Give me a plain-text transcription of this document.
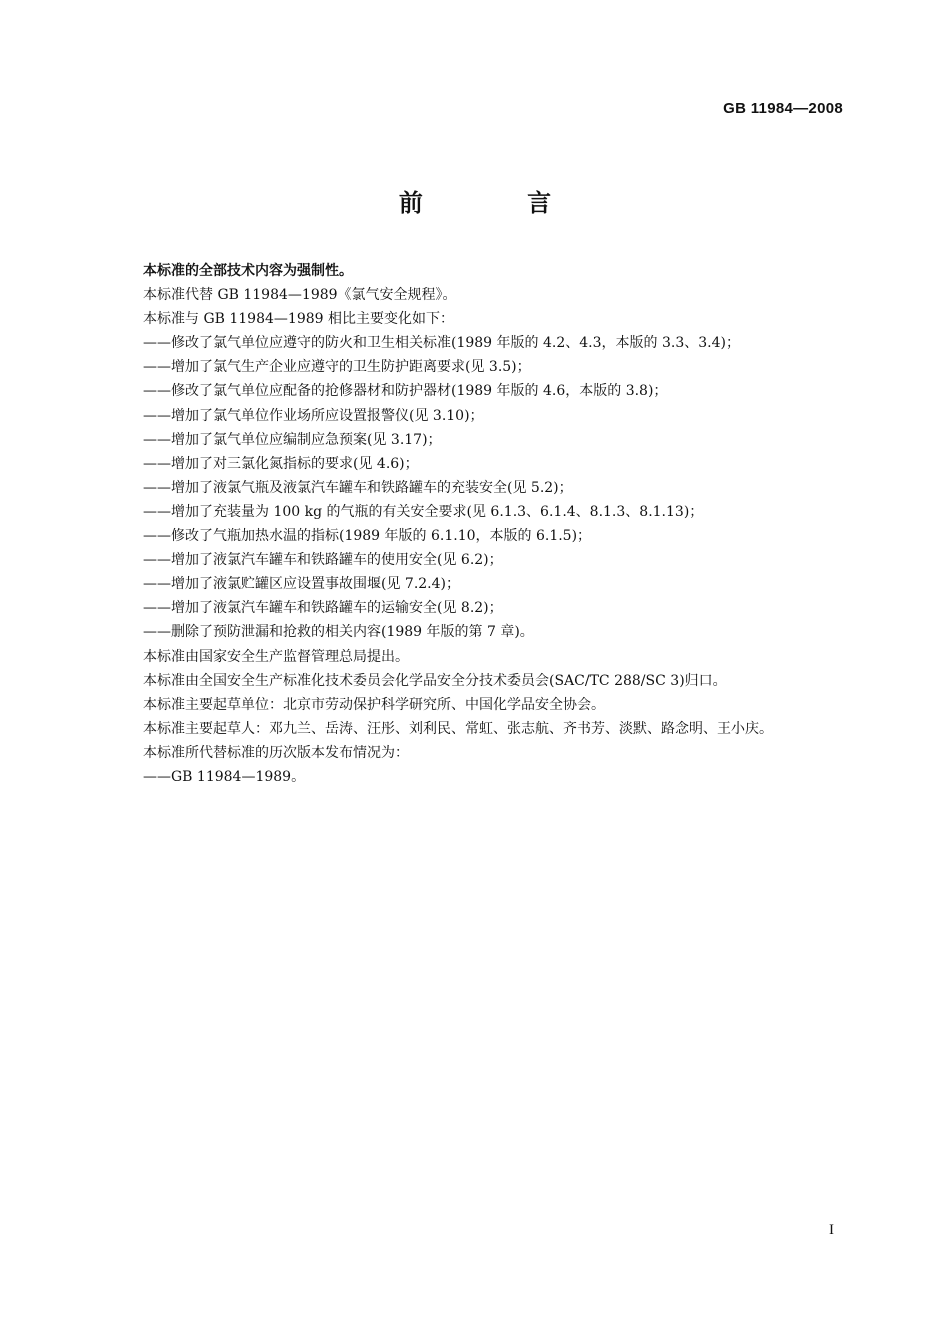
GB 11984—2008
前 言
本标准的全部技术内容为强制性。
本标准代替 GB 11984—1989《氯气安全规程》。
本标准与 GB 11984—1989 相比主要变化如下：
——修改了氯气单位应遵守的防火和卫生相关标准(1989 年版的 4.2、4.3，本版的 3.3、3.4)；
——增加了氯气生产企业应遵守的卫生防护距离要求(见 3.5)；
——修改了氯气单位应配备的抢修器材和防护器材(1989 年版的 4.6，本版的 3.8)；
——增加了氯气单位作业场所应设置报警仪(见 3.10)；
——增加了氯气单位应编制应急预案(见 3.17)；
——增加了对三氯化氮指标的要求(见 4.6)；
——增加了液氯气瓶及液氯汽车罐车和铁路罐车的充装安全(见 5.2)；
——增加了充装量为 100 kg 的气瓶的有关安全要求(见 6.1.3、6.1.4、8.1.3、8.1.13)；
——修改了气瓶加热水温的指标(1989 年版的 6.1.10，本版的 6.1.5)；
——增加了液氯汽车罐车和铁路罐车的使用安全(见 6.2)；
——增加了液氯贮罐区应设置事故围堰(见 7.2.4)；
——增加了液氯汽车罐车和铁路罐车的运输安全(见 8.2)；
——删除了预防泄漏和抢救的相关内容(1989 年版的第 7 章)。
本标准由国家安全生产监督管理总局提出。
本标准由全国安全生产标准化技术委员会化学品安全分技术委员会(SAC/TC 288/SC 3)归口。
本标准主要起草单位：北京市劳动保护科学研究所、中国化学品安全协会。
本标准主要起草人：邓九兰、岳涛、汪彤、刘利民、常虹、张志航、齐书芳、淡默、路念明、王小庆。
本标准所代替标准的历次版本发布情况为：
——GB 11984—1989。
I
